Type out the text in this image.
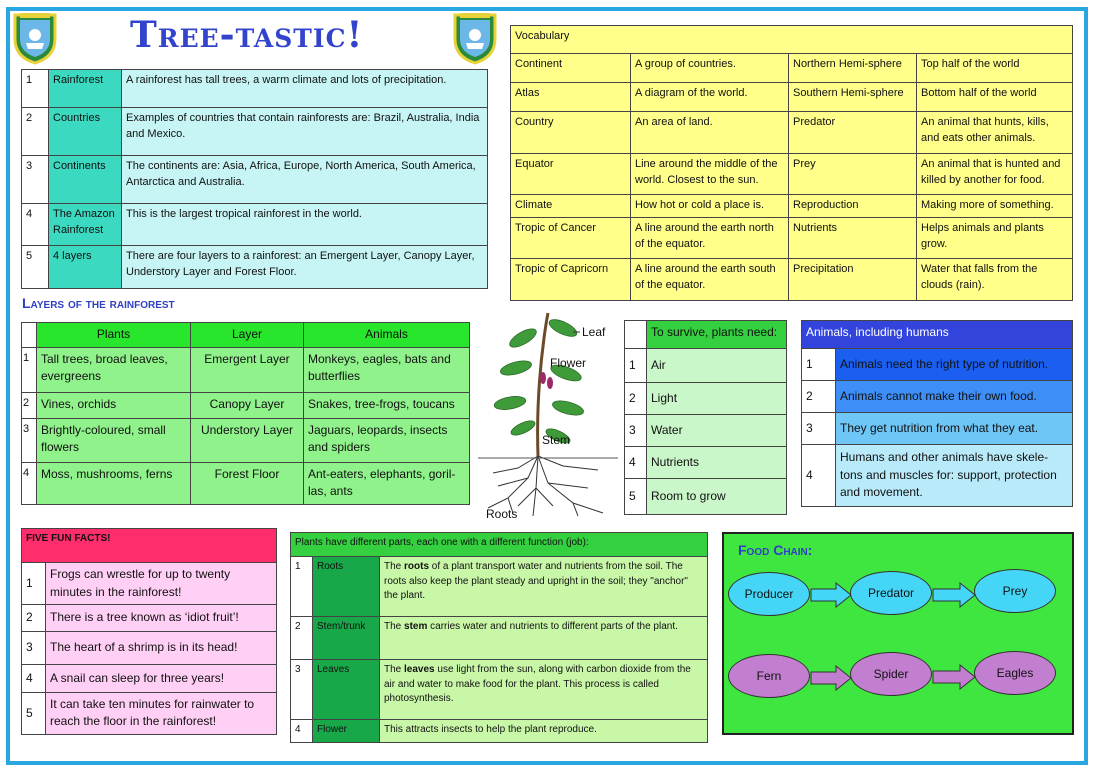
Tree-tastic!
1	Rainforest	A rainforest has tall trees, a warm climate and lots of precipitation.
2	Countries	Examples of countries that contain rainforests are: Brazil, Australia, India and Mexico.
3	Continents	The continents are: Asia, Africa, Europe, North America, South America, Antarctica and Australia.
4	The Amazon Rainforest	This is the largest tropical rainforest in the world.
5	4 layers	There are four layers to a rainforest: an Emergent Layer, Canopy Layer, Understory Layer and Forest Floor.
Vocabulary			
Continent	A group of countries.	Northern Hemi-sphere	Top half of the world
Atlas	A diagram of the world.	Southern Hemi-sphere	Bottom half of the world
Country	An area of land.	Predator	An animal that hunts, kills, and eats other animals.
Equator	Line around the middle of the world. Closest to the sun.	Prey	An animal that is hunted and killed by another for food.
Climate	How hot or cold a place is.	Reproduction	Making more of something.
Tropic of Cancer	A line around the earth north of the equator.	Nutrients	Helps animals and plants grow.
Tropic of Capricorn	A line around the earth south of the equator.	Precipitation	Water that falls from the clouds (rain).
Layers of the rainforest
	Plants	Layer	Animals
1	Tall trees, broad leaves, evergreens	Emergent Layer	Monkeys, eagles, bats and butterflies
2	Vines, orchids	Canopy Layer	Snakes, tree-frogs, toucans
3	Brightly-coloured, small flowers	Understory Layer	Jaguars, leopards, insects and spiders
4	Moss, mushrooms, ferns	Forest Floor	Ant-eaters, elephants, goril-las, ants
Leaf
Flower
Stem
Roots
	To survive, plants need:
1	Air
2	Light
3	Water
4	Nutrients
5	Room to grow
Animals, including humans	
1	Animals need the right type of nutrition.
2	Animals cannot make their own food.
3	They get nutrition from what they eat.
4	Humans and other animals have skele-tons and muscles for: support, protection and movement.
FIVE FUN FACTS!	
1	Frogs can wrestle for up to twenty minutes in the rainforest!
2	There is a tree known as ‘idiot fruit’!
3	The heart of a shrimp is in its head!
4	A snail can sleep for three years!
5	It can take ten minutes for rainwater to reach the floor in the rainforest!
Plants have different parts, each one with a different function (job):		
1	Roots	The roots of a plant transport water and nutrients from the soil. The roots also keep the plant steady and upright in the soil; they "anchor" the plant.
2	Stem/trunk	The stem carries water and nutrients to different parts of the plant.
3	Leaves	The leaves use light from the sun, along with carbon dioxide from the air and water to make food for the plant. This process is called photosynthesis.
4	Flower	This attracts insects to help the plant reproduce.
Food Chain:
Producer	Predator	Prey
Fern	Spider	Eagles
